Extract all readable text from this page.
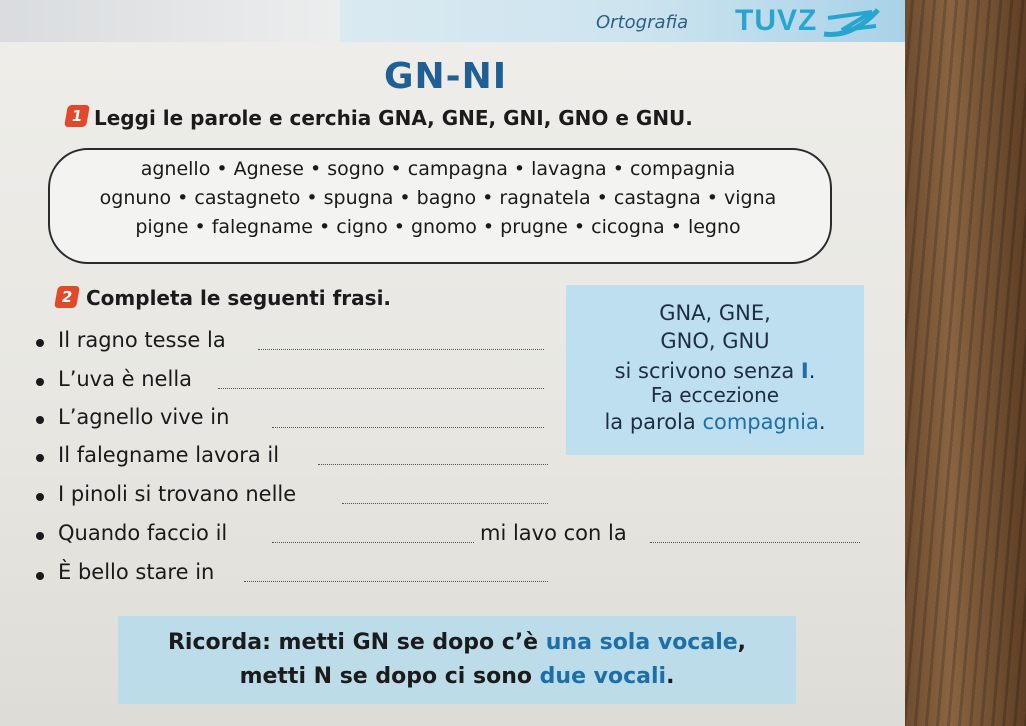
Ortografia TUVZ
GN-NI
1 Leggi le parole e cerchia GNA, GNE, GNI, GNO e GNU.
agnello • Agnese • sogno • campagna • lavagna • compagnia
ognuno • castagneto • spugna • bagno • ragnatela • castagna • vigna
pigne • falegname • cigno • gnomo • prugne • cicogna • legno
2 Completa le seguenti frasi.
Il ragno tesse la
L’uva è nella
L’agnello vive in
Il falegname lavora il
I pinoli si trovano nelle
Quando faccio il	mi lavo con la
È bello stare in
GNA, GNE,
GNO, GNU
si scrivono senza I.
Fa eccezione
la parola compagnia.
Ricorda: metti GN se dopo c’è una sola vocale,
metti N se dopo ci sono due vocali.
